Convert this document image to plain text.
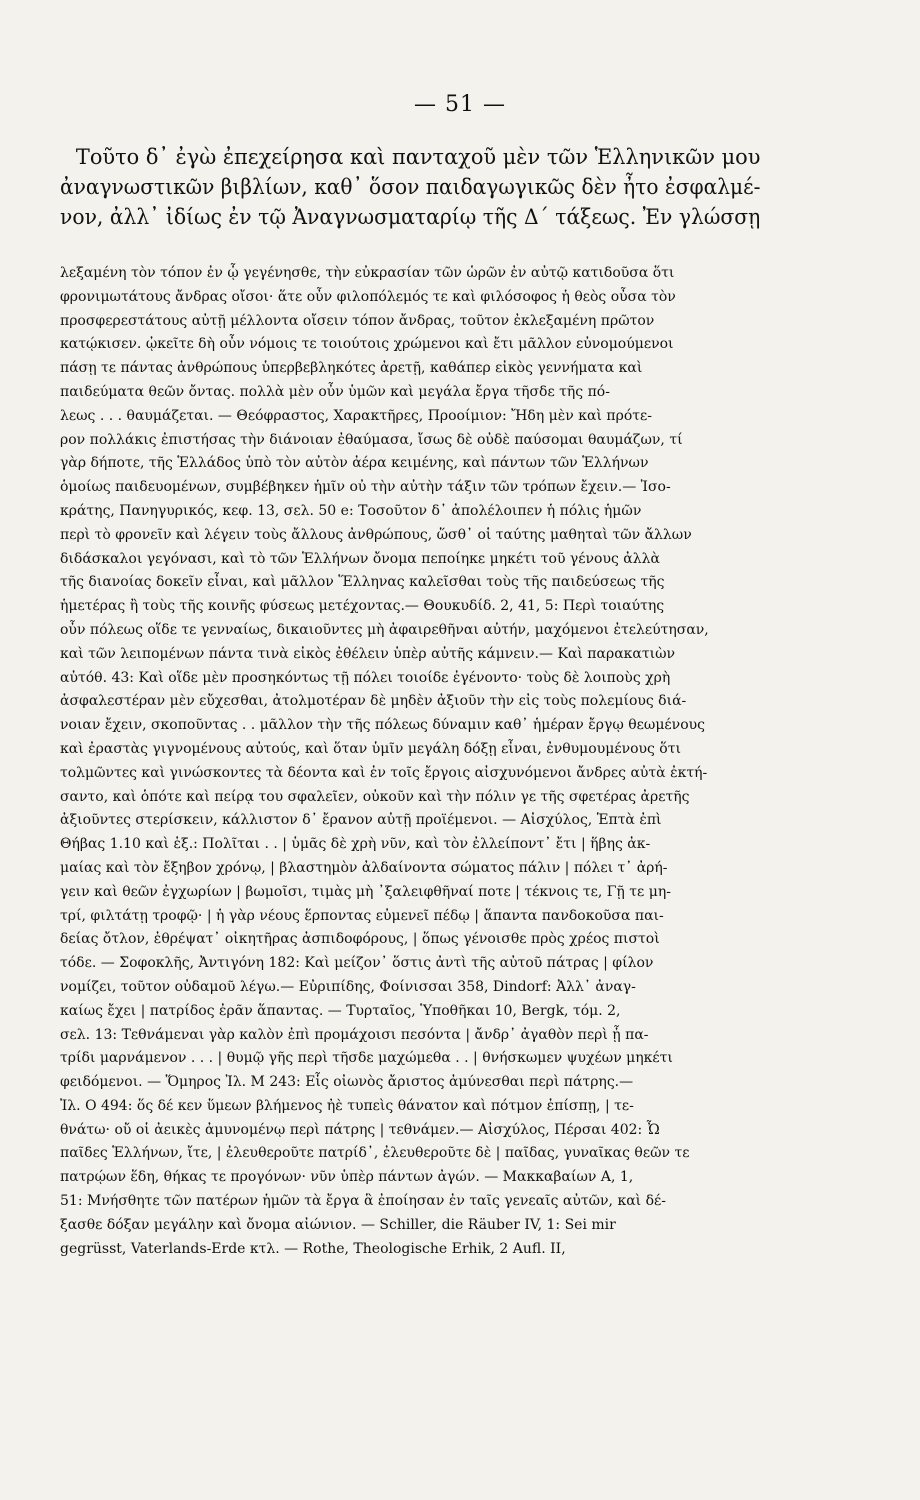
— 51 —
Τοῦτο δ᾽ ἐγὼ ἐπεχείρησα καὶ πανταχοῦ μὲν τῶν Ἑλληνικῶν μου
ἀναγνωστικῶν βιβλίων, καθ᾽ ὅσον παιδαγωγικῶς δὲν ἦτο ἐσφαλμέ-
νον, ἀλλ᾽ ἰδίως ἐν τῷ Ἀναγνωσματαρίῳ τῆς Δ΄ τάξεως. Ἐν γλώσσῃ
λεξαμένη τὸν τόπον ἐν ᾧ γεγένησθε, τὴν εὐκρασίαν τῶν ὡρῶν ἐν αὐτῷ κατιδοῦσα ὅτι
φρονιμωτάτους ἄνδρας οἴσοι· ἅτε οὖν φιλοπόλεμός τε καὶ φιλόσοφος ἡ θεὸς οὖσα τὸν
προσφερεστάτους αὐτῇ μέλλοντα οἴσειν τόπον ἄνδρας, τοῦτον ἐκλεξαμένη πρῶτον
κατῴκισεν. ᾠκεῖτε δὴ οὖν νόμοις τε τοιούτοις χρώμενοι καὶ ἔτι μᾶλλον εὐνομούμενοι
πάσῃ τε πάντας ἀνθρώπους ὑπερβεβληκότες ἀρετῇ, καθάπερ εἰκὸς γεννήματα καὶ
παιδεύματα θεῶν ὄντας. πολλὰ μὲν οὖν ὑμῶν καὶ μεγάλα ἔργα τῆσδε τῆς πό-
λεως . . . θαυμάζεται. — Θεόφραστος, Χαρακτῆρες, Προοίμιον: Ἤδη μὲν καὶ πρότε-
ρον πολλάκις ἐπιστήσας τὴν διάνοιαν ἐθαύμασα, ἴσως δὲ οὐδὲ παύσομαι θαυμάζων, τί
γὰρ δήποτε, τῆς Ἑλλάδος ὑπὸ τὸν αὐτὸν ἀέρα κειμένης, καὶ πάντων τῶν Ἑλλήνων
ὁμοίως παιδευομένων, συμβέβηκεν ἡμῖν οὐ τὴν αὐτὴν τάξιν τῶν τρόπων ἔχειν.— Ἰσο-
κράτης, Πανηγυρικός, κεφ. 13, σελ. 50 e: Τοσοῦτον δ᾽ ἀπολέλοιπεν ἡ πόλις ἡμῶν
περὶ τὸ φρονεῖν καὶ λέγειν τοὺς ἄλλους ἀνθρώπους, ὥσθ᾽ οἱ ταύτης μαθηταὶ τῶν ἄλλων
διδάσκαλοι γεγόνασι, καὶ τὸ τῶν Ἑλλήνων ὄνομα πεποίηκε μηκέτι τοῦ γένους ἀλλὰ
τῆς διανοίας δοκεῖν εἶναι, καὶ μᾶλλον Ἕλληνας καλεῖσθαι τοὺς τῆς παιδεύσεως τῆς
ἡμετέρας ἢ τοὺς τῆς κοινῆς φύσεως μετέχοντας.— Θουκυδίδ. 2, 41, 5: Περὶ τοιαύτης
οὖν πόλεως οἵδε τε γενναίως, δικαιοῦντες μὴ ἀφαιρεθῆναι αὐτήν, μαχόμενοι ἐτελεύτησαν,
καὶ τῶν λειπομένων πάντα τινὰ εἰκὸς ἐθέλειν ὑπὲρ αὐτῆς κάμνειν.— Καὶ παρακατιὼν
αὐτόθ. 43: Καὶ οἵδε μὲν προσηκόντως τῇ πόλει τοιοίδε ἐγένοντο· τοὺς δὲ λοιποὺς χρὴ
ἀσφαλεστέραν μὲν εὔχεσθαι, ἀτολμοτέραν δὲ μηδὲν ἀξιοῦν τὴν εἰς τοὺς πολεμίους διά-
νοιαν ἔχειν, σκοποῦντας . . μᾶλλον τὴν τῆς πόλεως δύναμιν καθ᾽ ἡμέραν ἔργῳ θεωμένους
καὶ ἐραστὰς γιγνομένους αὐτούς, καὶ ὅταν ὑμῖν μεγάλη δόξῃ εἶναι, ἐνθυμουμένους ὅτι
τολμῶντες καὶ γινώσκοντες τὰ δέοντα καὶ ἐν τοῖς ἔργοις αἰσχυνόμενοι ἄνδρες αὐτὰ ἐκτή-
σαντο, καὶ ὁπότε καὶ πείρᾳ του σφαλεῖεν, οὐκοῦν καὶ τὴν πόλιν γε τῆς σφετέρας ἀρετῆς
ἀξιοῦντες στερίσκειν, κάλλιστον δ᾽ ἔρανον αὐτῇ προϊέμενοι. — Αἰσχύλος, Ἑπτὰ ἐπὶ
Θήβας 1.10 καὶ ἑξ.: Πολῖται . . | ὑμᾶς δὲ χρὴ νῦν, καὶ τὸν ἐλλείποντ᾽ ἔτι | ἥβης ἀκ-
μαίας καὶ τὸν ἔξηβον χρόνῳ, | βλαστημὸν ἀλδαίνοντα σώματος πάλιν | πόλει τ᾽ ἀρή-
γειν καὶ θεῶν ἐγχωρίων | βωμοῖσι, τιμὰς μὴ ᾽ξαλειφθῆναί ποτε | τέκνοις τε, Γῇ τε μη-
τρί, φιλτάτῃ τροφῷ· | ἡ γὰρ νέους ἕρποντας εὐμενεῖ πέδῳ | ἅπαντα πανδοκοῦσα παι-
δείας ὄτλον, ἐθρέψατ᾽ οἰκητῆρας ἀσπιδοφόρους, | ὅπως γένοισθε πρὸς χρέος πιστοὶ
τόδε. — Σοφοκλῆς, Ἀντιγόνη 182: Καὶ μείζον᾽ ὅστις ἀντὶ τῆς αὐτοῦ πάτρας | φίλον
νομίζει, τοῦτον οὐδαμοῦ λέγω.— Εὐριπίδης, Φοίνισσαι 358, Dindorf: Ἀλλ᾽ ἀναγ-
καίως ἔχει | πατρίδος ἐρᾶν ἅπαντας. — Τυρταῖος, Ὑποθῆκαι 10, Bergk, τόμ. 2,
σελ. 13: Τεθνάμεναι γὰρ καλὸν ἐπὶ προμάχοισι πεσόντα | ἄνδρ᾽ ἀγαθὸν περὶ ᾗ πα-
τρίδι μαρνάμενον . . . | θυμῷ γῆς περὶ τῆσδε μαχώμεθα . . | θνήσκωμεν ψυχέων μηκέτι
φειδόμενοι. — Ὅμηρος Ἰλ. Μ 243: Εἷς οἰωνὸς ἄριστος ἀμύνεσθαι περὶ πάτρης.—
Ἰλ. Ο 494: ὅς δέ κεν ὕμεων βλήμενος ἠὲ τυπεὶς θάνατον καὶ πότμον ἐπίσπῃ, | τε-
θνάτω· οὔ οἱ ἀεικὲς ἀμυνομένῳ περὶ πάτρης | τεθνάμεν.— Αἰσχύλος, Πέρσαι 402: Ὦ
παῖδες Ἑλλήνων, ἴτε, | ἐλευθεροῦτε πατρίδ᾽, ἐλευθεροῦτε δὲ | παῖδας, γυναῖκας θεῶν τε
πατρῴων ἕδη, θήκας τε προγόνων· νῦν ὑπὲρ πάντων ἀγών. — Μακκαβαίων Α, 1,
51: Μνήσθητε τῶν πατέρων ἡμῶν τὰ ἔργα ἃ ἐποίησαν ἐν ταῖς γενεαῖς αὐτῶν, καὶ δέ-
ξασθε δόξαν μεγάλην καὶ ὄνομα αἰώνιον. — Schiller, die Räuber IV, 1: Sei mir
gegrüsst, Vaterlands-Erde κτλ. — Rothe, Theologische Erhik, 2 Aufl. II,
